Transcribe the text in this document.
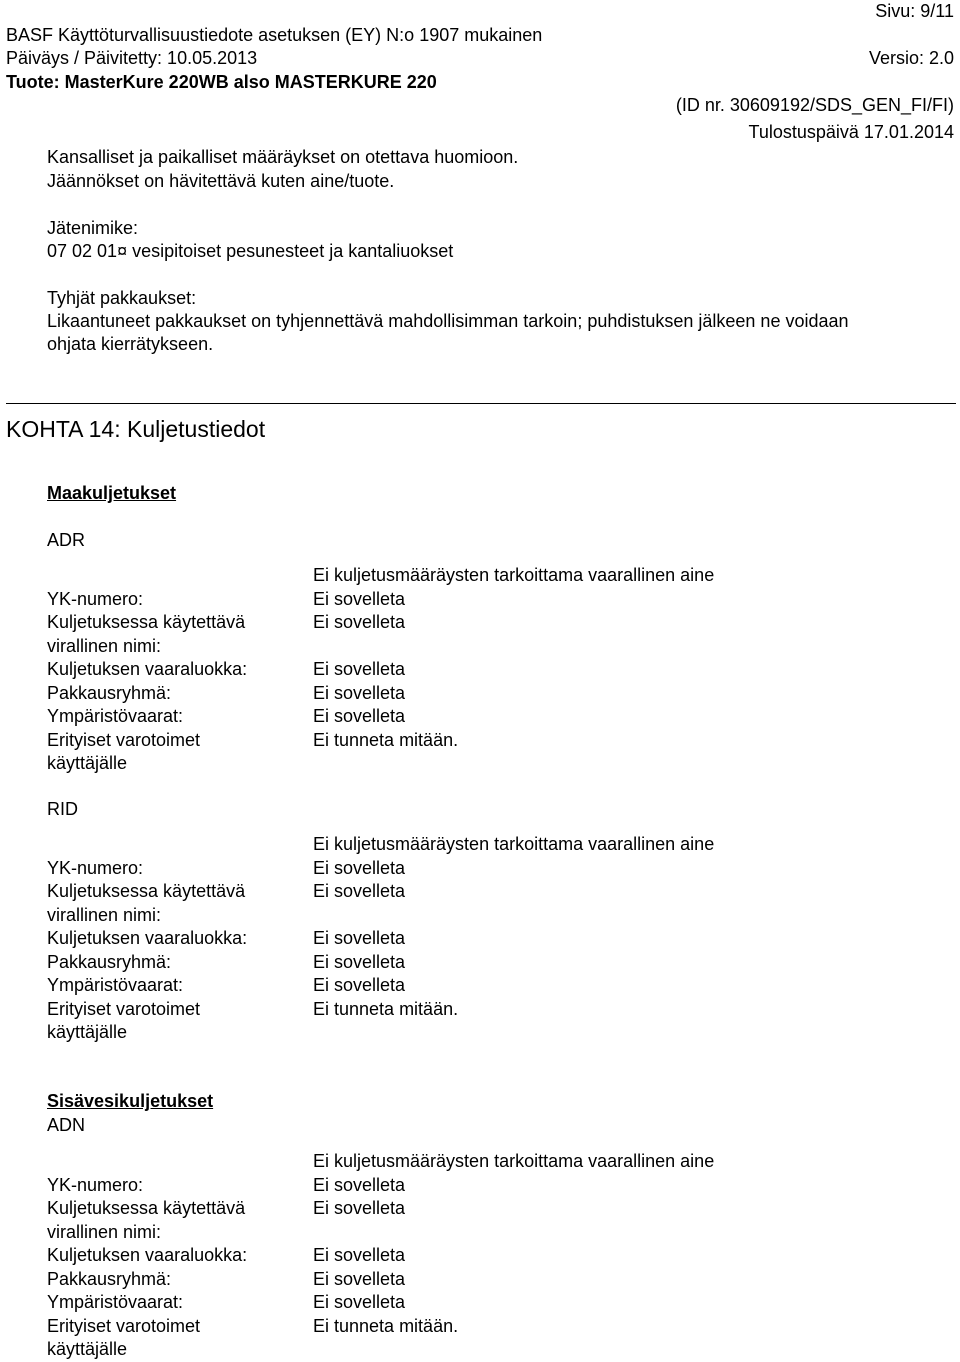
BASF Käyttöturvallisuustiedote asetuksen (EY) N:o 1907 mukainen
Sivu: 9/11
Päiväys / Päivitetty: 10.05.2013	Versio: 2.0
Tuote: MasterKure 220WB also MASTERKURE 220
(ID nr. 30609192/SDS_GEN_FI/FI)
Tulostuspäivä 17.01.2014
Kansalliset ja paikalliset määräykset on otettava huomioon.
Jäännökset on hävitettävä kuten aine/tuote.
Jätenimike:
07 02 01¤ vesipitoiset pesunesteet ja kantaliuokset
Tyhjät pakkaukset:
Likaantuneet pakkaukset on tyhjennettävä mahdollisimman tarkoin; puhdistuksen jälkeen ne voidaan
ohjata kierrätykseen.
KOHTA 14: Kuljetustiedot
Maakuljetukset
ADR
Ei kuljetusmääräysten tarkoittama vaarallinen aine
YK-numero:	Ei sovelleta
Kuljetuksessa käytettävä	Ei sovelleta
virallinen nimi:
Kuljetuksen vaaraluokka:	Ei sovelleta
Pakkausryhmä:	Ei sovelleta
Ympäristövaarat:	Ei sovelleta
Erityiset varotoimet	Ei tunneta mitään.
käyttäjälle
RID
Ei kuljetusmääräysten tarkoittama vaarallinen aine
YK-numero:	Ei sovelleta
Kuljetuksessa käytettävä	Ei sovelleta
virallinen nimi:
Kuljetuksen vaaraluokka:	Ei sovelleta
Pakkausryhmä:	Ei sovelleta
Ympäristövaarat:	Ei sovelleta
Erityiset varotoimet	Ei tunneta mitään.
käyttäjälle
Sisävesikuljetukset
ADN
Ei kuljetusmääräysten tarkoittama vaarallinen aine
YK-numero:	Ei sovelleta
Kuljetuksessa käytettävä	Ei sovelleta
virallinen nimi:
Kuljetuksen vaaraluokka:	Ei sovelleta
Pakkausryhmä:	Ei sovelleta
Ympäristövaarat:	Ei sovelleta
Erityiset varotoimet	Ei tunneta mitään.
käyttäjälle
